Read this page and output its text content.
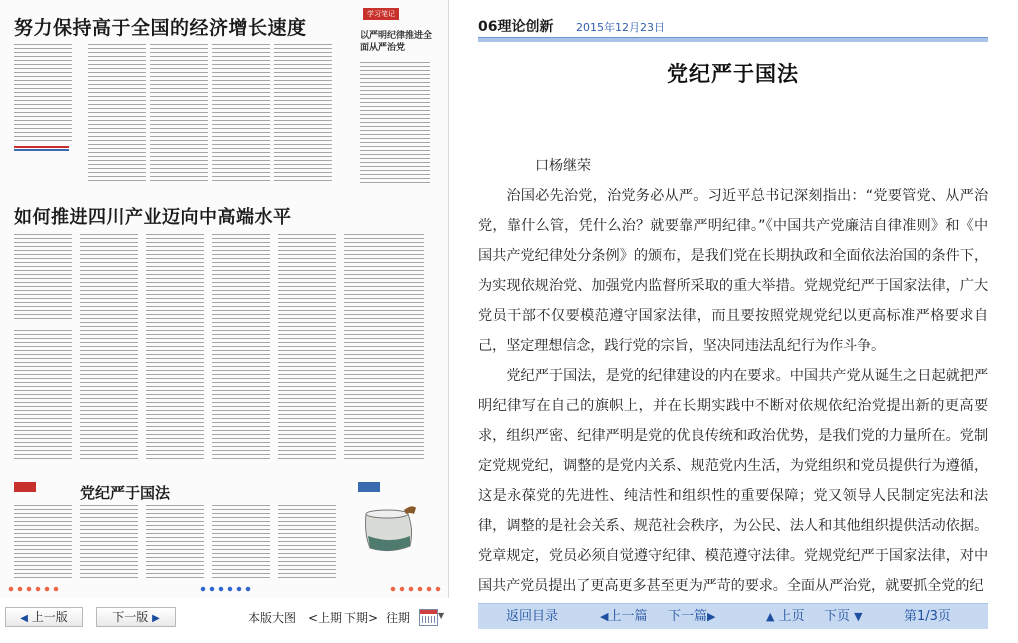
努力保持高于全国的经济增长速度
学习笔记
以严明纪律推进全面从严治党
如何推进四川产业迈向中高端水平
党纪严于国法
◀ 上一版	下一版 ▶	本版大图 <上期 下期> 往期	▼
06理论创新 2015年12月23日
党纪严于国法
口杨继荣

治国必先治党，治党务必从严。习近平总书记深刻指出：“党要管党、从严治党，靠什么管，凭什么治？就要靠严明纪律。”《中国共产党廉洁自律准则》和《中国共产党纪律处分条例》的颁布，是我们党在长期执政和全面依法治国的条件下，为实现依规治党、加强党内监督所采取的重大举措。党规党纪严于国家法律，广大党员干部不仅要模范遵守国家法律，而且要按照党规党纪以更高标准严格要求自己，坚定理想信念，践行党的宗旨，坚决同违法乱纪行为作斗争。

党纪严于国法，是党的纪律建设的内在要求。中国共产党从诞生之日起就把严明纪律写在自己的旗帜上，并在长期实践中不断对依规依纪治党提出新的更高要求，组织严密、纪律严明是党的优良传统和政治优势，是我们党的力量所在。党制定党规党纪，调整的是党内关系、规范党内生活，为党组织和党员提供行为遵循，这是永葆党的先进性、纯洁性和组织性的重要保障；党又领导人民制定宪法和法律，调整的是社会关系、规范社会秩序，为公民、法人和其他组织提供活动依据。党章规定，党员必须自觉遵守纪律、模范遵守法律。党规党纪严于国家法律，对中国共产党员提出了更高更多甚至更为严苛的要求。全面从严治党，就要抓全党的纪

返回目录	◀上一篇 下一篇▶	▲ 上页 下页 ▼	第1/3页
